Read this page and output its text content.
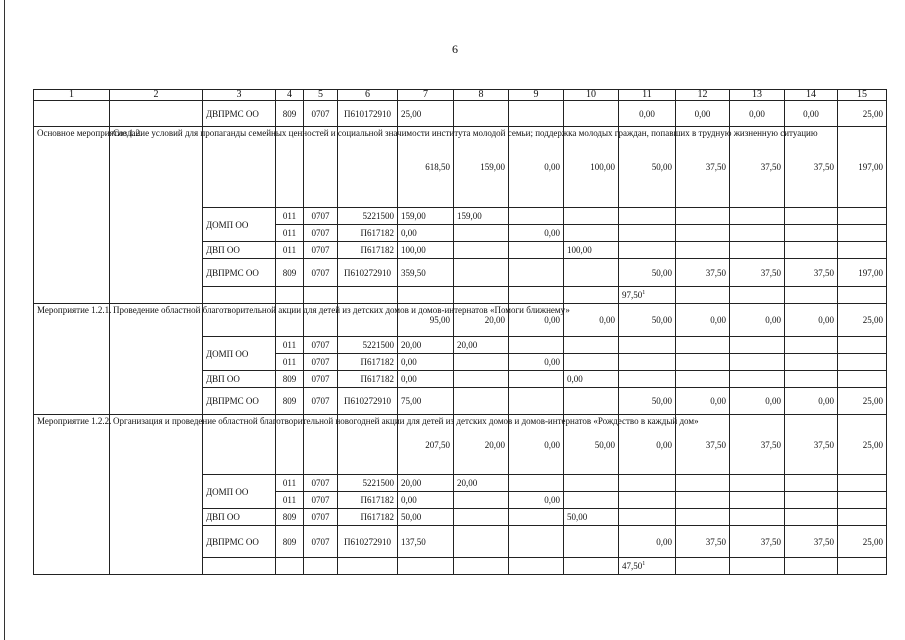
6
1	2	3	4	5	6	7	8	9	10	11	12	13	14	15
		ДВПРМС ОО	809	0707	П610172910	25,00				0,00	0,00	0,00	0,00	25,00
Основное мероприятие 1.2.	Создание условий для пропаганды семейных ценностей и социальной значимости института молодой семьи; поддержка молодых граждан, попавших в трудную жизненную ситуацию					618,50	159,00	0,00	100,00	50,00	37,50	37,50	37,50	197,00
		ДОМП ОО	011	0707	5221500	159,00	159,00							
			011	0707	П617182	0,00		0,00						
		ДВП ОО	011	0707	П617182	100,00			100,00					
		ДВПРМС ОО	809	0707	П610272910	359,50				50,00	37,50	37,50	37,50	197,00
										97,50$^1$				
Мероприятие 1.2.1.	Проведение областной благотворительной акции для детей из детских домов и домов-интернатов «Помоги ближнему»					95,00	20,00	0,00	0,00	50,00	0,00	0,00	0,00	25,00
		ДОМП ОО	011	0707	5221500	20,00	20,00							
			011	0707	П617182	0,00		0,00						
		ДВП ОО	809	0707	П617182	0,00			0,00					
		ДВПРМС ОО	809	0707	П610272910	75,00				50,00	0,00	0,00	0,00	25,00
Мероприятие 1.2.2.	Организация и проведение областной благотворительной новогодней акции для детей из детских домов и домов-интернатов «Рождество в каждый дом»					207,50	20,00	0,00	50,00	0,00	37,50	37,50	37,50	25,00
		ДОМП ОО	011	0707	5221500	20,00	20,00							
			011	0707	П617182	0,00		0,00						
		ДВП ОО	809	0707	П617182	50,00			50,00					
		ДВПРМС ОО	809	0707	П610272910	137,50				0,00	37,50	37,50	37,50	25,00
										47,50$^1$				
